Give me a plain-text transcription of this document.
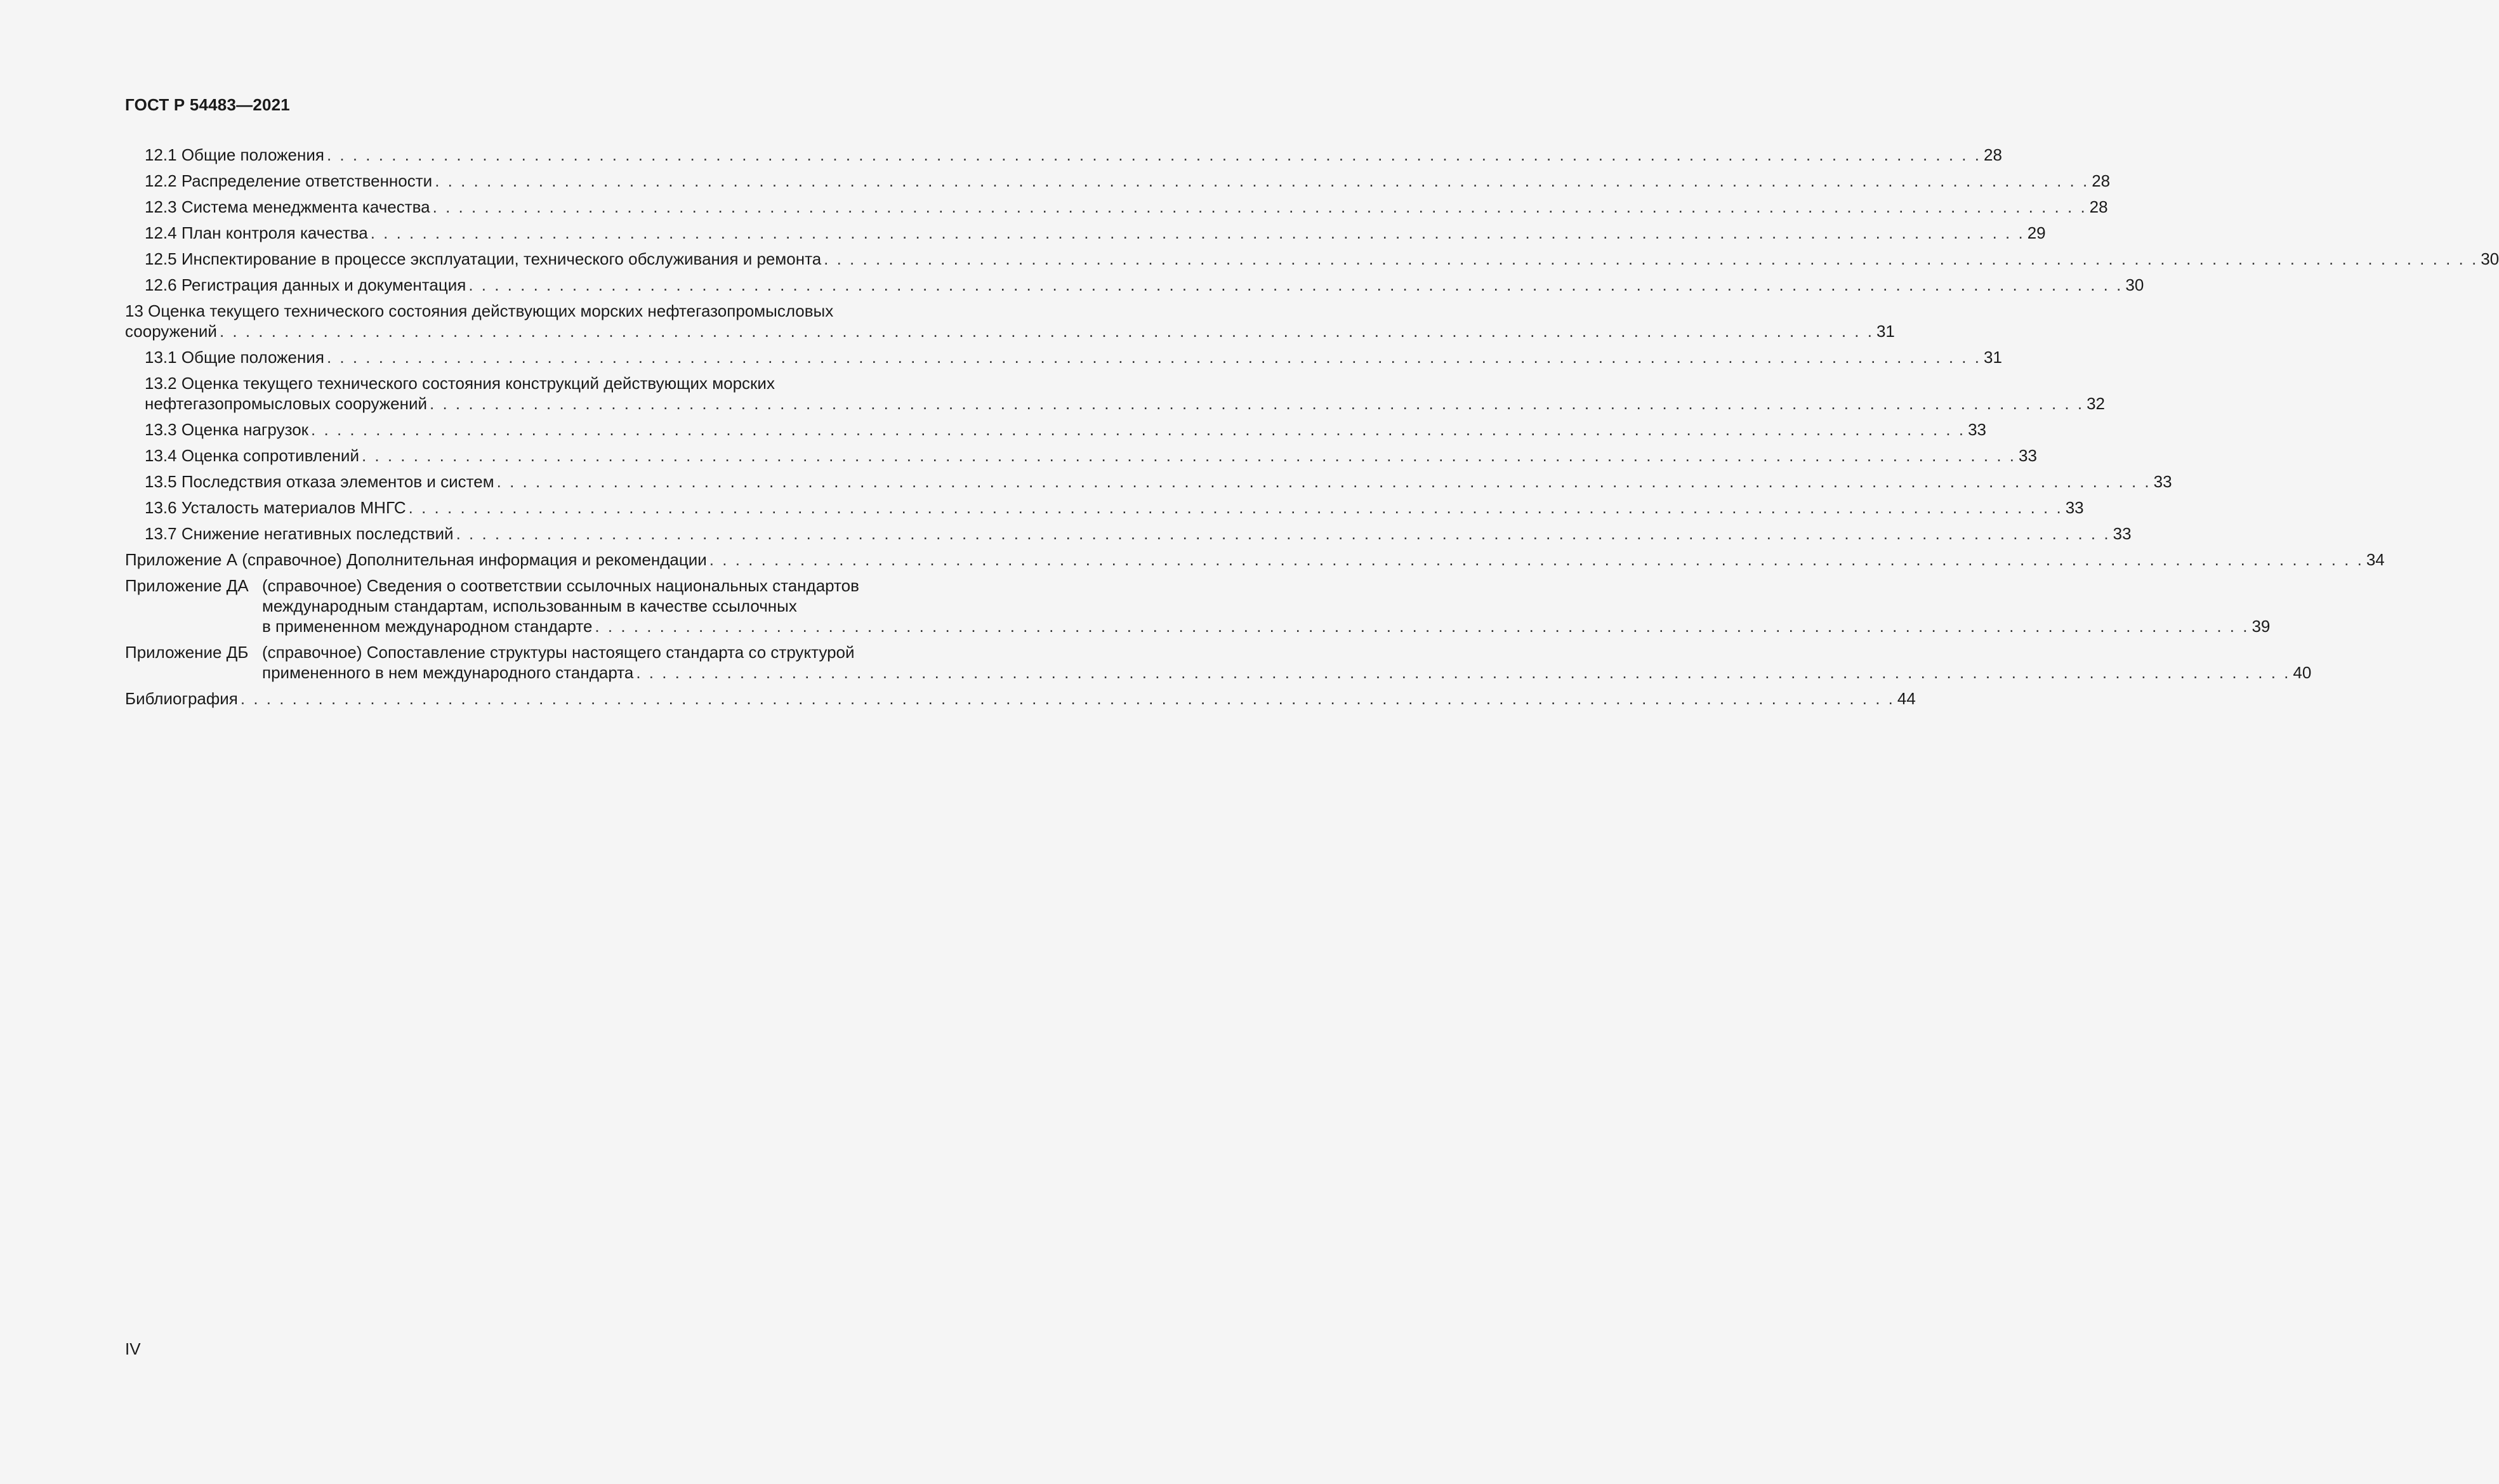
ГОСТ Р 54483—2021
12.1 Общие положения . . .	28
12.2 Распределение ответственности . . .	28
12.3 Система менеджмента качества . . .	28
12.4 План контроля качества . . .	29
12.5 Инспектирование в процессе эксплуатации, технического обслуживания и ремонта . . .	30
12.6 Регистрация данных и документация . . .	30
13 Оценка текущего технического состояния действующих морских нефтегазопромысловых
сооружений . . .	31
13.1 Общие положения . . .	31
13.2 Оценка текущего технического состояния конструкций действующих морских
нефтегазопромысловых сооружений . . .	32
13.3 Оценка нагрузок . . .	33
13.4 Оценка сопротивлений . . .	33
13.5 Последствия отказа элементов и систем . . .	33
13.6 Усталость материалов МНГС . . .	33
13.7 Снижение негативных последствий . . .	33
Приложение А (справочное) Дополнительная информация и рекомендации . . .	34
Приложение ДА (справочное) Сведения о соответствии ссылочных национальных стандартов
международным стандартам, использованным в качестве ссылочных
в примененном международном стандарте . . .	39
Приложение ДБ (справочное) Сопоставление структуры настоящего стандарта со структурой
примененного в нем международного стандарта . . .	40
Библиография . . .	44
IV
